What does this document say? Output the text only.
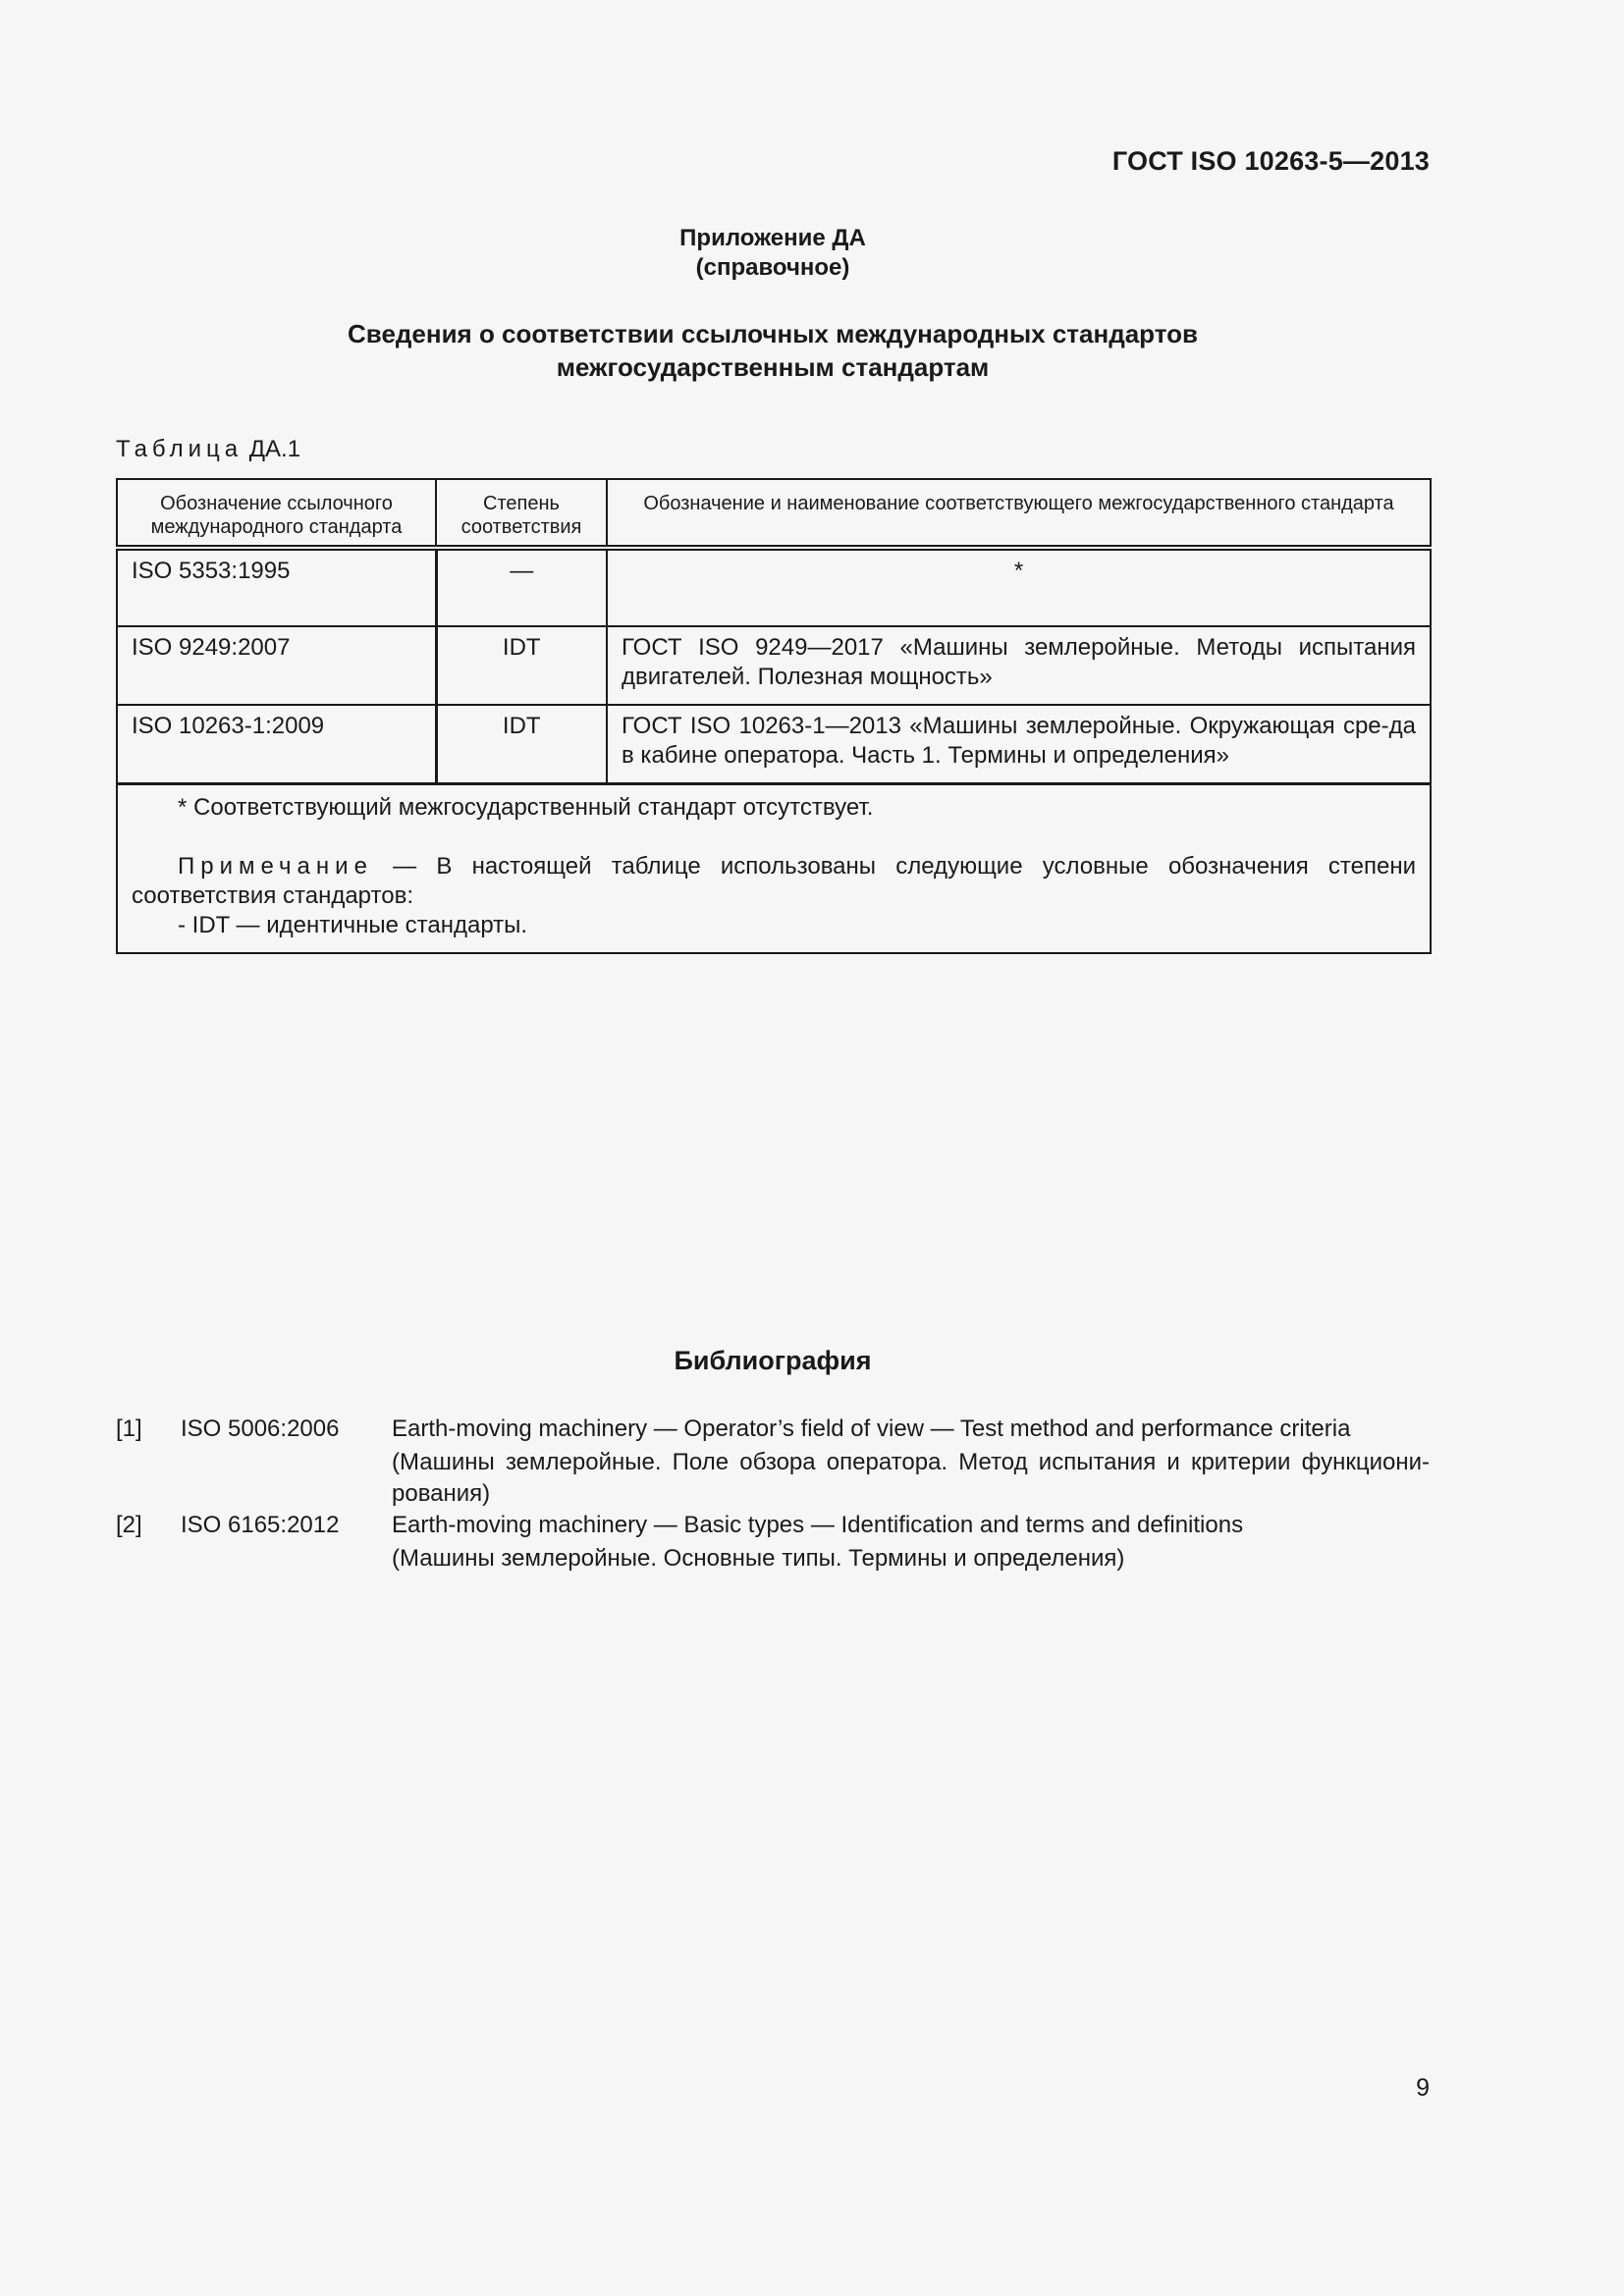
ГОСТ ISO 10263-5—2013
Приложение ДА
(справочное)
Сведения о соответствии ссылочных международных стандартов
межгосударственным стандартам
Таблица ДА.1
Обозначение ссылочного международного стандарта	Степень соответствия	Обозначение и наименование соответствующего межгосударственного стандарта
ISO 5353:1995	—	*
ISO 9249:2007	IDT	ГОСТ ISO 9249—2017 «Машины землеройные. Методы испытания двигателей. Полезная мощность»
ISO 10263-1:2009	IDT	ГОСТ ISO 10263-1—2013 «Машины землеройные. Окружающая сре-да в кабине оператора. Часть 1. Термины и определения»

* Соответствующий межгосударственный стандарт отсутствует.
Примечание — В настоящей таблице использованы следующие условные обозначения степени соответствия стандартов:
- IDT — идентичные стандарты.		
Библиография
[1] ISO 5006:2006 Earth-moving machinery — Operator’s field of view — Test method and performance criteria
(Машины землеройные. Поле обзора оператора. Метод испытания и критерии функциони-рования)
[2] ISO 6165:2012 Earth-moving machinery — Basic types — Identification and terms and definitions
(Машины землеройные. Основные типы. Термины и определения)
9
